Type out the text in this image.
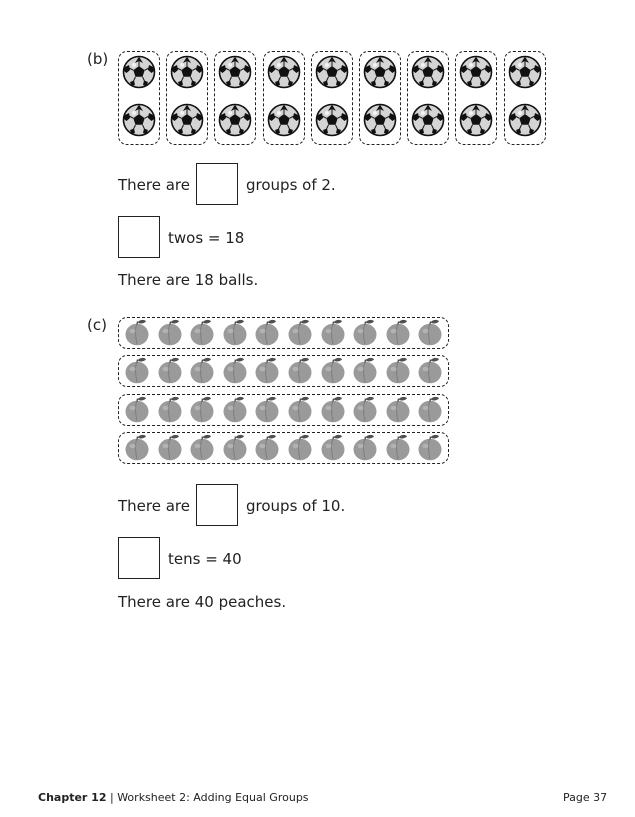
(b)
There are	groups of 2.
twos = 18
There are 18 balls.
(c)
There are	groups of 10.
tens = 40
There are 40 peaches.
Chapter 12 | Worksheet 2: Adding Equal Groups	Page 37
